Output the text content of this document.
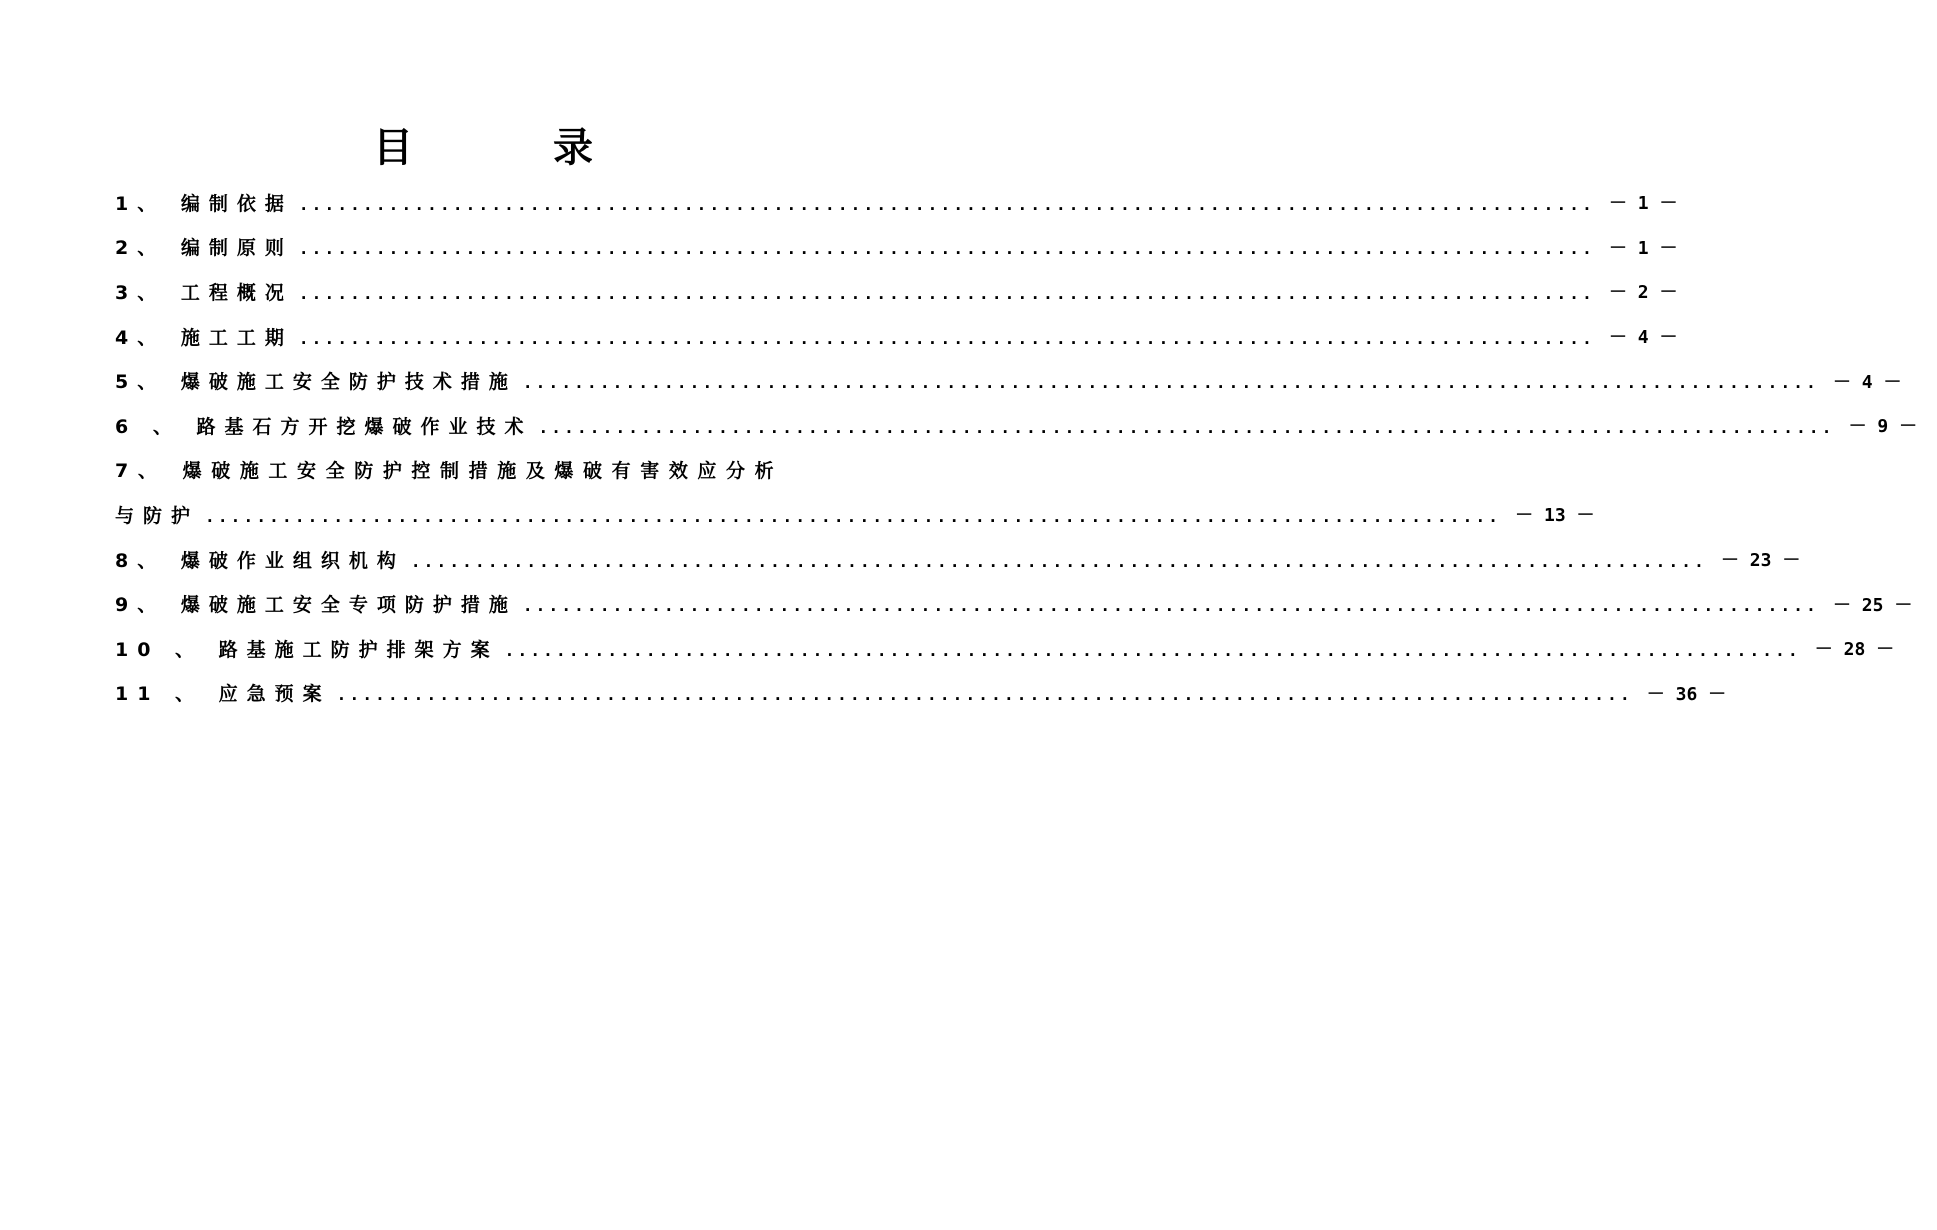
目	录
1、 编制依据 ..................................................................................................... － 1 －
2、 编制原则 ..................................................................................................... － 1 －
3、 工程概况 ..................................................................................................... － 2 －
4、 施工工期 ..................................................................................................... － 4 －
5、 爆破施工安全防护技术措施 ..................................................................................................... － 4 －
6 、 路基石方开挖爆破作业技术 ..................................................................................................... － 9 －
7、 爆破施工安全防护控制措施及爆破有害效应分析
与防护 ..................................................................................................... － 13 －
8、 爆破作业组织机构 ..................................................................................................... － 23 －
9、 爆破施工安全专项防护措施 ..................................................................................................... － 25 －
10 、 路基施工防护排架方案 ..................................................................................................... － 28 －
11 、 应急预案 ..................................................................................................... － 36 －
